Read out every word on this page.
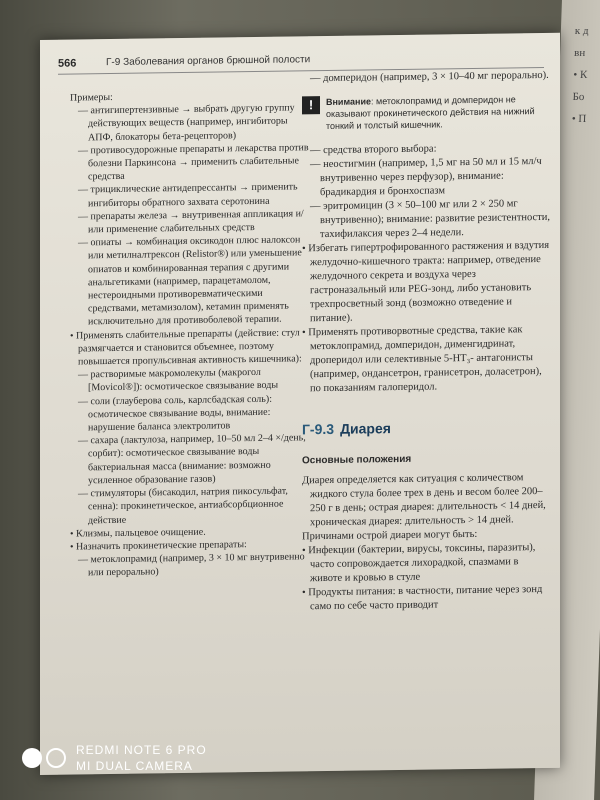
к д
вн
• К
Бо
• П
566	Г-9 Заболевания органов брюшной полости

Примеры:

— антигипертензивные → выбрать другую группу действующих веществ (например, ингибиторы АПФ, блокаторы бета-рецепторов)

— противосудорожные препараты и лекарства против болезни Паркинсона → применить слабительные средства

— трициклические антидепрессанты → применить ингибиторы обратного захвата серотонина

— препараты железа → внутривенная аппликация и/или применение слабительных средств

— опиаты → комбинация оксикодон плюс налоксон или метилналтрексон (Relistor®) или уменьшение опиатов и комбинированная терапия с другими анальгетиками (например, парацетамолом, нестероидными противоревматическими средствами, метамизолом), кетамин применять исключительно для противоболевой терапии.

• Применять слабительные препараты (действие: стул размягчается и становится объемнее, поэтому повышается пропульсивная активность кишечника):

— растворимые макромолекулы (макрогол [Movicol®]): осмотическое связывание воды

— соли (глауберова соль, карлсбадская соль): осмотическое связывание воды, внимание: нарушение баланса электролитов

— сахара (лактулоза, например, 10–50 мл 2–4 ×/день, сорбит): осмотическое связывание воды бактериальная масса (внимание: возможно усиленное образование газов)

— стимуляторы (бисакодил, натрия пикосульфат, сенна): прокинетическое, антиабсорбционное действие

• Клизмы, пальцевое очищение.

• Назначить прокинетические препараты:

— метоклопрамид (например, 3 × 10 мг внутривенно или перорально)

— домперидон (например, 3 × 10–40 мг перорально).

!	Внимание: метоклопрамид и домперидон не оказывают прокинетического действия на нижний тонкий и толстый кишечник.

— средства второго выбора:

— неостигмин (например, 1,5 мг на 50 мл и 15 мл/ч внутривенно через перфузор), внимание: брадикардия и бронхоспазм

— эритромицин (3 × 50–100 мг или 2 × 250 мг внутривенно); внимание: развитие резистентности, тахифилаксия через 2–4 недели.

• Избегать гипертрофированного растяжения и вздутия желудочно-кишечного тракта: например, отведение желудочного секрета и воздуха через гастроназальный или PEG-зонд, либо установить трехпросветный зонд (возможно отведение и питание).

• Применять противорвотные средства, такие как метоклопрамид, домперидон, дименгидринат, дроперидол или селективные 5-HT₃- антагонисты (например, ондансетрон, гранисетрон, доласетрон), по показаниям галоперидол.

Г-9.3 Диарея
Основные положения

Диарея определяется как ситуация с количеством жидкого стула более трех в день и весом более 200–250 г в день; острая диарея: длительность < 14 дней, хроническая диарея: длительность > 14 дней.

Причинами острой диареи могут быть:

• Инфекции (бактерии, вирусы, токсины, паразиты), часто сопровождается лихорадкой, спазмами в животе и кровью в стуле

• Продукты питания: в частности, питание через зонд само по себе часто приводит

REDMI NOTE 6 PRO
MI DUAL CAMERA
